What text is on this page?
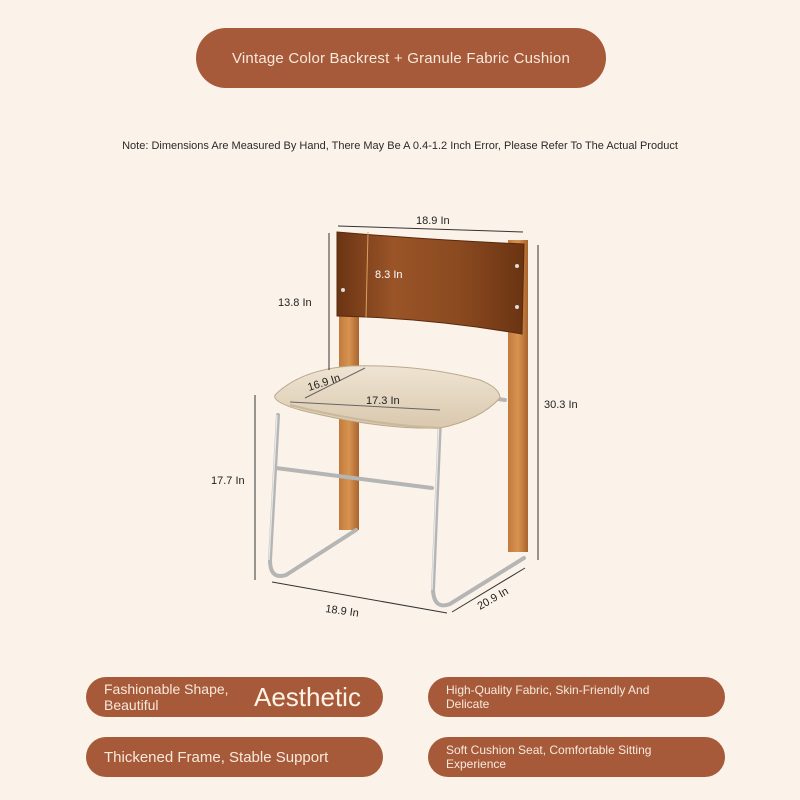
Vintage Color Backrest + Granule Fabric Cushion
Note: Dimensions Are Measured By Hand, There May Be A 0.4-1.2 Inch Error, Please Refer To The Actual Product
18.9 In
8.3 In
13.8 In
16.9 In
17.3 In	30.3 In
17.7 In
18.9 In	20.9 In
Fashionable Shape, Beautiful	Aesthetic	High-Quality Fabric, Skin-Friendly And Delicate
Thickened Frame, Stable Support	Soft Cushion Seat, Comfortable Sitting Experience
